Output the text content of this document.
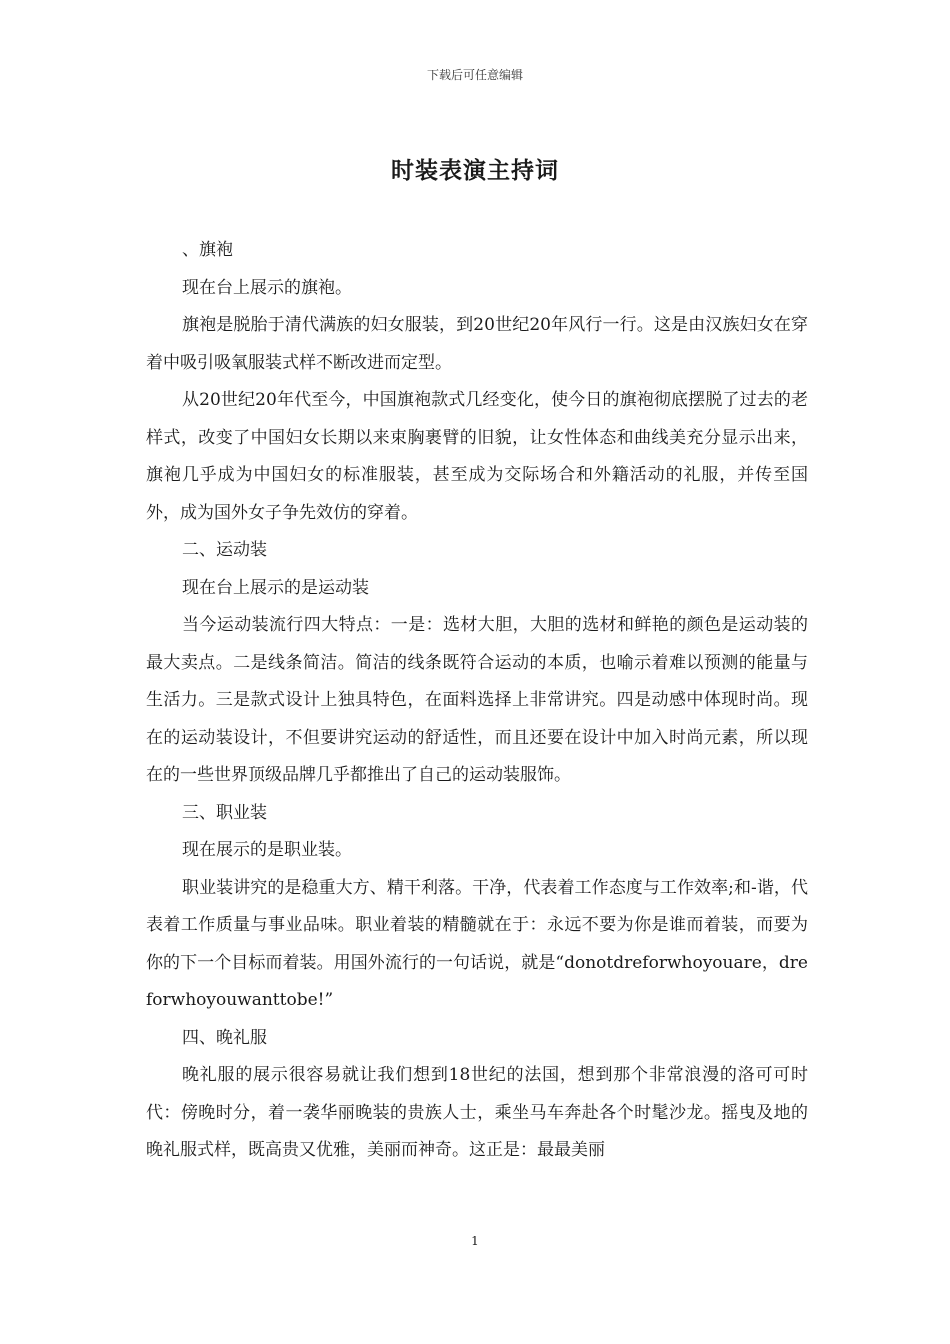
下载后可任意编辑
时装表演主持词

、旗袍

现在台上展示的旗袍。

旗袍是脱胎于清代满族的妇女服装，到20世纪20年风行一行。这是由汉族妇女在穿着中吸引吸氧服装式样不断改进而定型。

从20世纪20年代至今，中国旗袍款式几经变化，使今日的旗袍彻底摆脱了过去的老样式，改变了中国妇女长期以来束胸裹臂的旧貌，让女性体态和曲线美充分显示出来，旗袍几乎成为中国妇女的标准服装，甚至成为交际场合和外籍活动的礼服，并传至国外，成为国外女子争先效仿的穿着。

二、运动装

现在台上展示的是运动装

当今运动装流行四大特点：一是：选材大胆，大胆的选材和鲜艳的颜色是运动装的最大卖点。二是线条简洁。简洁的线条既符合运动的本质，也喻示着难以预测的能量与生活力。三是款式设计上独具特色，在面料选择上非常讲究。四是动感中体现时尚。现在的运动装设计，不但要讲究运动的舒适性，而且还要在设计中加入时尚元素，所以现在的一些世界顶级品牌几乎都推出了自己的运动装服饰。

三、职业装

现在展示的是职业装。

职业装讲究的是稳重大方、精干利落。干净，代表着工作态度与工作效率;和-谐，代表着工作质量与事业品味。职业着装的精髓就在于：永远不要为你是谁而着装，而要为你的下一个目标而着装。用国外流行的一句话说，就是“donotdreforwhoyouare，dreforwhoyouwanttobe!”

四、晚礼服

晚礼服的展示很容易就让我们想到18世纪的法国，想到那个非常浪漫的洛可可时代：傍晚时分，着一袭华丽晚装的贵族人士，乘坐马车奔赴各个时髦沙龙。摇曳及地的晚礼服式样，既高贵又优雅，美丽而神奇。这正是：最最美丽

1
